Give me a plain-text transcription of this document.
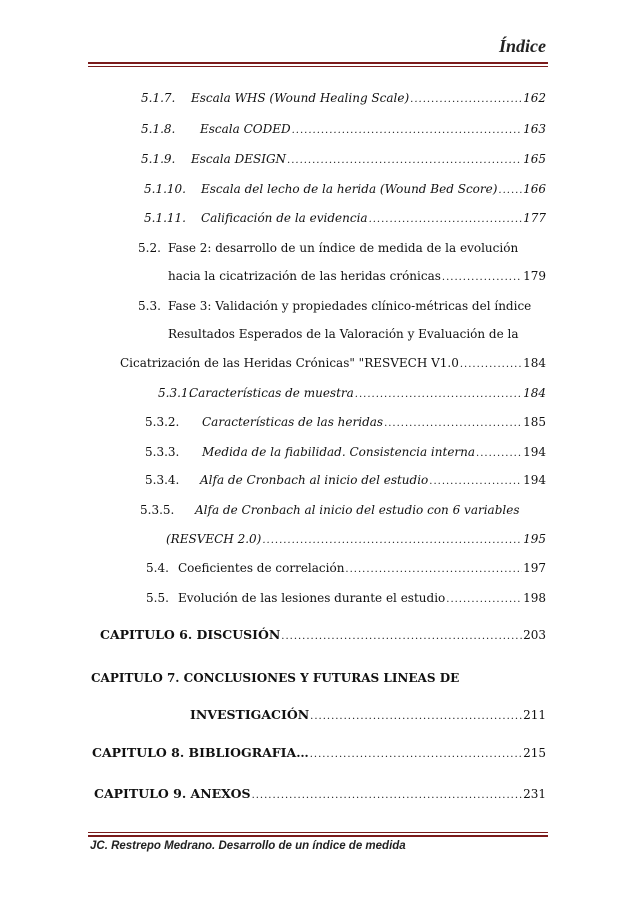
Índice
5.1.7.	Escala WHS (Wound Healing Scale) .....	162
5.1.8.	Escala CODED .....	163
5.1.9.	Escala DESIGN .....	165
5.1.10.	Escala del lecho de la herida (Wound Bed Score) ..... 166
5.1.11.	Calificación de la evidencia .....	177
5.2. Fase 2: desarrollo de un índice de medida de la evolución
hacia la cicatrización de las heridas crónicas .....	179
5.3. Fase 3: Validación y propiedades clínico-métricas del índice
Resultados Esperados de la Valoración y Evaluación de la
Cicatrización de las Heridas Crónicas" "RESVECH V1.0 .....	184
5.3.1.
Características de muestra .....	184
5.3.2.	Características de las heridas .....	185
5.3.3.	Medida de la fiabilidad. Consistencia interna .....	194
5.3.4.	Alfa de Cronbach al inicio del estudio .....	194
5.3.5. Alfa de Cronbach al inicio del estudio con 6 variables
(RESVECH 2.0) .....	195
5.4. Coeficientes de correlación .....	197
5.5. Evolución de las lesiones durante el estudio .....	198
CAPITULO 6. DISCUSIÓN .....	203
CAPITULO 7. CONCLUSIONES Y FUTURAS LINEAS DE
INVESTIGACIÓN .....	211
CAPITULO 8. BIBLIOGRAFIA… .....	215
CAPITULO 9. ANEXOS .....	231
JC. Restrepo Medrano. Desarrollo de un índice de medida
